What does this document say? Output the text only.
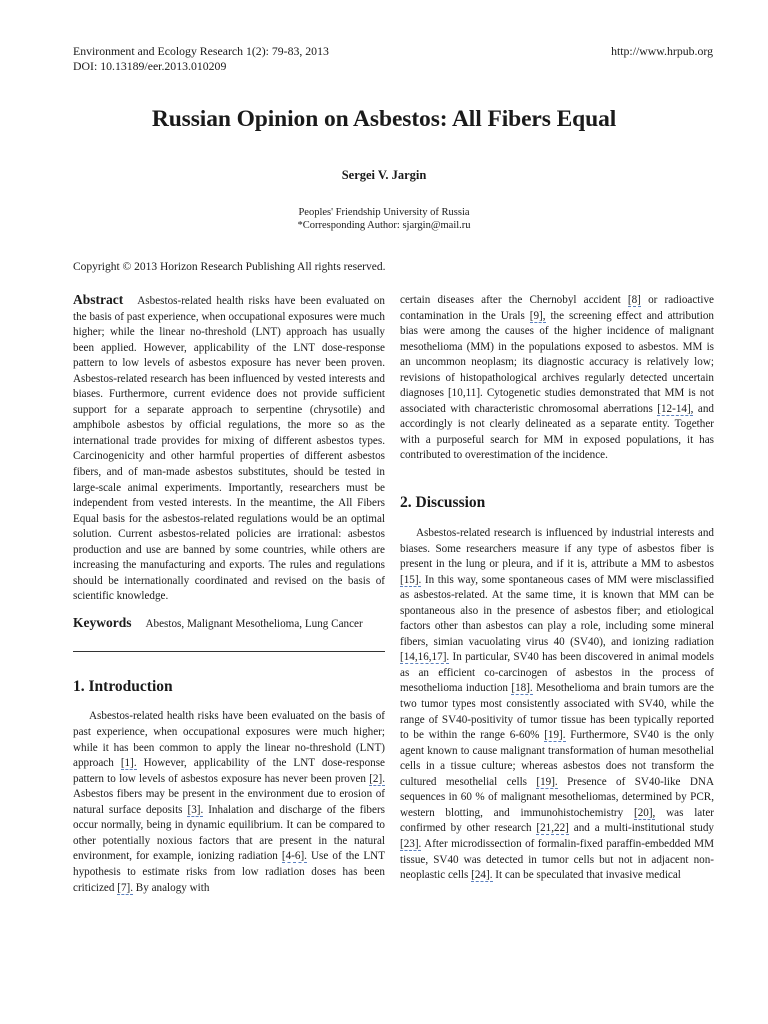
Environment and Ecology Research 1(2): 79-83, 2013
DOI: 10.13189/eer.2013.010209
http://www.hrpub.org
Russian Opinion on Asbestos: All Fibers Equal
Sergei V. Jargin
Peoples' Friendship University of Russia
*Corresponding Author: sjargin@mail.ru
Copyright © 2013 Horizon Research Publishing All rights reserved.

Abstract Asbestos-related health risks have been evaluated on the basis of past experience, when occupational exposures were much higher; while the linear no-threshold (LNT) approach has usually been applied. However, applicability of the LNT dose-response pattern to low levels of asbestos exposure has never been proven. Asbestos-related research has been influenced by vested interests and biases. Furthermore, current evidence does not provide sufficient support for a separate approach to serpentine (chrysotile) and amphibole asbestos by official regulations, the more so as the international trade provides for mixing of different asbestos types. Carcinogenicity and other harmful properties of different asbestos fibers, and of man-made asbestos substitutes, should be tested in large-scale animal experiments. Importantly, researchers must be independent from vested interests. In the meantime, the All Fibers Equal basis for the asbestos-related regulations would be an optimal solution. Current asbestos-related policies are irrational: asbestos production and use are banned by some countries, while others are increasing the manufacturing and exports. The rules and regulations should be internationally coordinated and revised on the basis of scientific knowledge.

Keywords Abestos, Malignant Mesothelioma, Lung Cancer

1. Introduction

Asbestos-related health risks have been evaluated on the basis of past experience, when occupational exposures were much higher; while it has been common to apply the linear no-threshold (LNT) approach [1]. However, applicability of the LNT dose-response pattern to low levels of asbestos exposure has never been proven [2]. Asbestos fibers may be present in the environment due to erosion of natural surface deposits [3]. Inhalation and discharge of the fibers occur normally, being in dynamic equilibrium. It can be compared to other potentially noxious factors that are present in the natural environment, for example, ionizing radiation [4-6]. Use of the LNT hypothesis to estimate risks from low radiation doses has been criticized [7]. By analogy with

certain diseases after the Chernobyl accident [8] or radioactive contamination in the Urals [9], the screening effect and attribution bias were among the causes of the higher incidence of malignant mesothelioma (MM) in the populations exposed to asbestos. MM is an uncommon neoplasm; its diagnostic accuracy is relatively low; revisions of histopathological archives regularly detected uncertain diagnoses [10,11]. Cytogenetic studies demonstrated that MM is not associated with characteristic chromosomal aberrations [12-14], and accordingly is not clearly delineated as a separate entity. Together with a purposeful search for MM in exposed populations, it has contributed to overestimation of the incidence.

2. Discussion

Asbestos-related research is influenced by industrial interests and biases. Some researchers measure if any type of asbestos fiber is present in the lung or pleura, and if it is, attribute a MM to asbestos [15]. In this way, some spontaneous cases of MM were misclassified as asbestos-related. At the same time, it is known that MM can be spontaneous also in the presence of asbestos fiber; and etiological factors other than asbestos can play a role, including some mineral fibers, simian vacuolating virus 40 (SV40), and ionizing radiation [14,16,17]. In particular, SV40 has been discovered in animal models as an efficient co-carcinogen of asbestos in the process of mesothelioma induction [18]. Mesothelioma and brain tumors are the two tumor types most consistently associated with SV40, while the range of SV40-positivity of tumor tissue has been typically reported to be within the range 6-60% [19]. Furthermore, SV40 is the only agent known to cause malignant transformation of human mesothelial cells in a tissue culture; whereas asbestos does not transform the cultured mesothelial cells [19]. Presence of SV40-like DNA sequences in 60 % of malignant mesotheliomas, determined by PCR, western blotting, and immunohistochemistry [20], was later confirmed by other research [21,22] and a multi-institutional study [23]. After microdissection of formalin-fixed paraffin-embedded MM tissue, SV40 was detected in tumor cells but not in adjacent non-neoplastic cells [24]. It can be speculated that invasive medical
